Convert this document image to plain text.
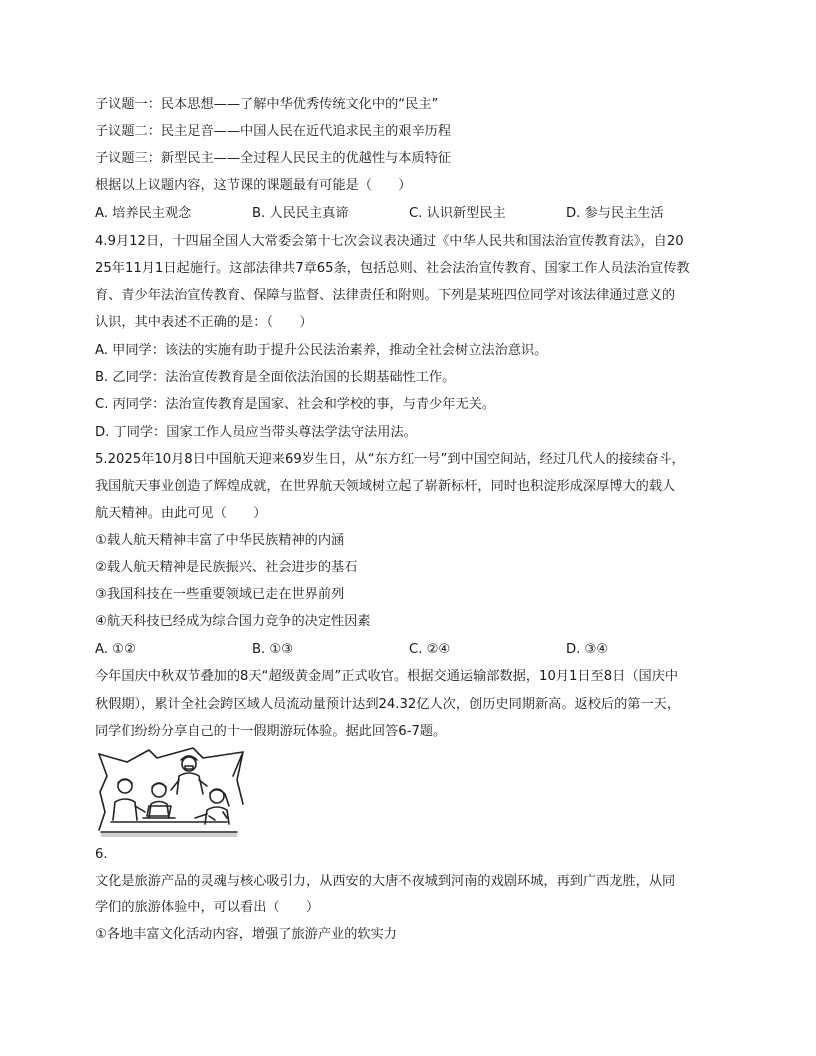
子议题一：民本思想——了解中华优秀传统文化中的“民主”
子议题二：民主足音——中国人民在近代追求民主的艰辛历程
子议题三：新型民主——全过程人民民主的优越性与本质特征
根据以上议题内容，这节课的课题最有可能是（　　）
A. 培养民主观念	B. 人民民主真谛	C. 认识新型民主	D. 参与民主生活
4.9月12日，十四届全国人大常委会第十七次会议表决通过《中华人民共和国法治宣传教育法》，自20
25年11月1日起施行。这部法律共7章65条，包括总则、社会法治宣传教育、国家工作人员法治宣传教
育、青少年法治宣传教育、保障与监督、法律责任和附则。下列是某班四位同学对该法律通过意义的
认识，其中表述不正确的是：（　　）
A. 甲同学：该法的实施有助于提升公民法治素养，推动全社会树立法治意识。
B. 乙同学：法治宣传教育是全面依法治国的长期基础性工作。
C. 丙同学：法治宣传教育是国家、社会和学校的事，与青少年无关。
D. 丁同学：国家工作人员应当带头尊法学法守法用法。
5.2025年10月8日中国航天迎来69岁生日，从“东方红一号”到中国空间站，经过几代人的接续奋斗，
我国航天事业创造了辉煌成就，在世界航天领域树立起了崭新标杆，同时也积淀形成深厚博大的载人
航天精神。由此可见（　　）
①载人航天精神丰富了中华民族精神的内涵
②载人航天精神是民族振兴、社会进步的基石
③我国科技在一些重要领域已走在世界前列
④航天科技已经成为综合国力竞争的决定性因素
A. ①②	B. ①③	C. ②④	D. ③④
今年国庆中秋双节叠加的8天“超级黄金周”正式收官。根据交通运输部数据，10月1日至8日（国庆中
秋假期），累计全社会跨区域人员流动量预计达到24.32亿人次，创历史同期新高。返校后的第一天，
同学们纷纷分享自己的十一假期游玩体验。据此回答6-7题。
6.
文化是旅游产品的灵魂与核心吸引力，从西安的大唐不夜城到河南的戏剧环城，再到广西龙胜，从同
学们的旅游体验中，可以看出（　　）
①各地丰富文化活动内容，增强了旅游产业的软实力
